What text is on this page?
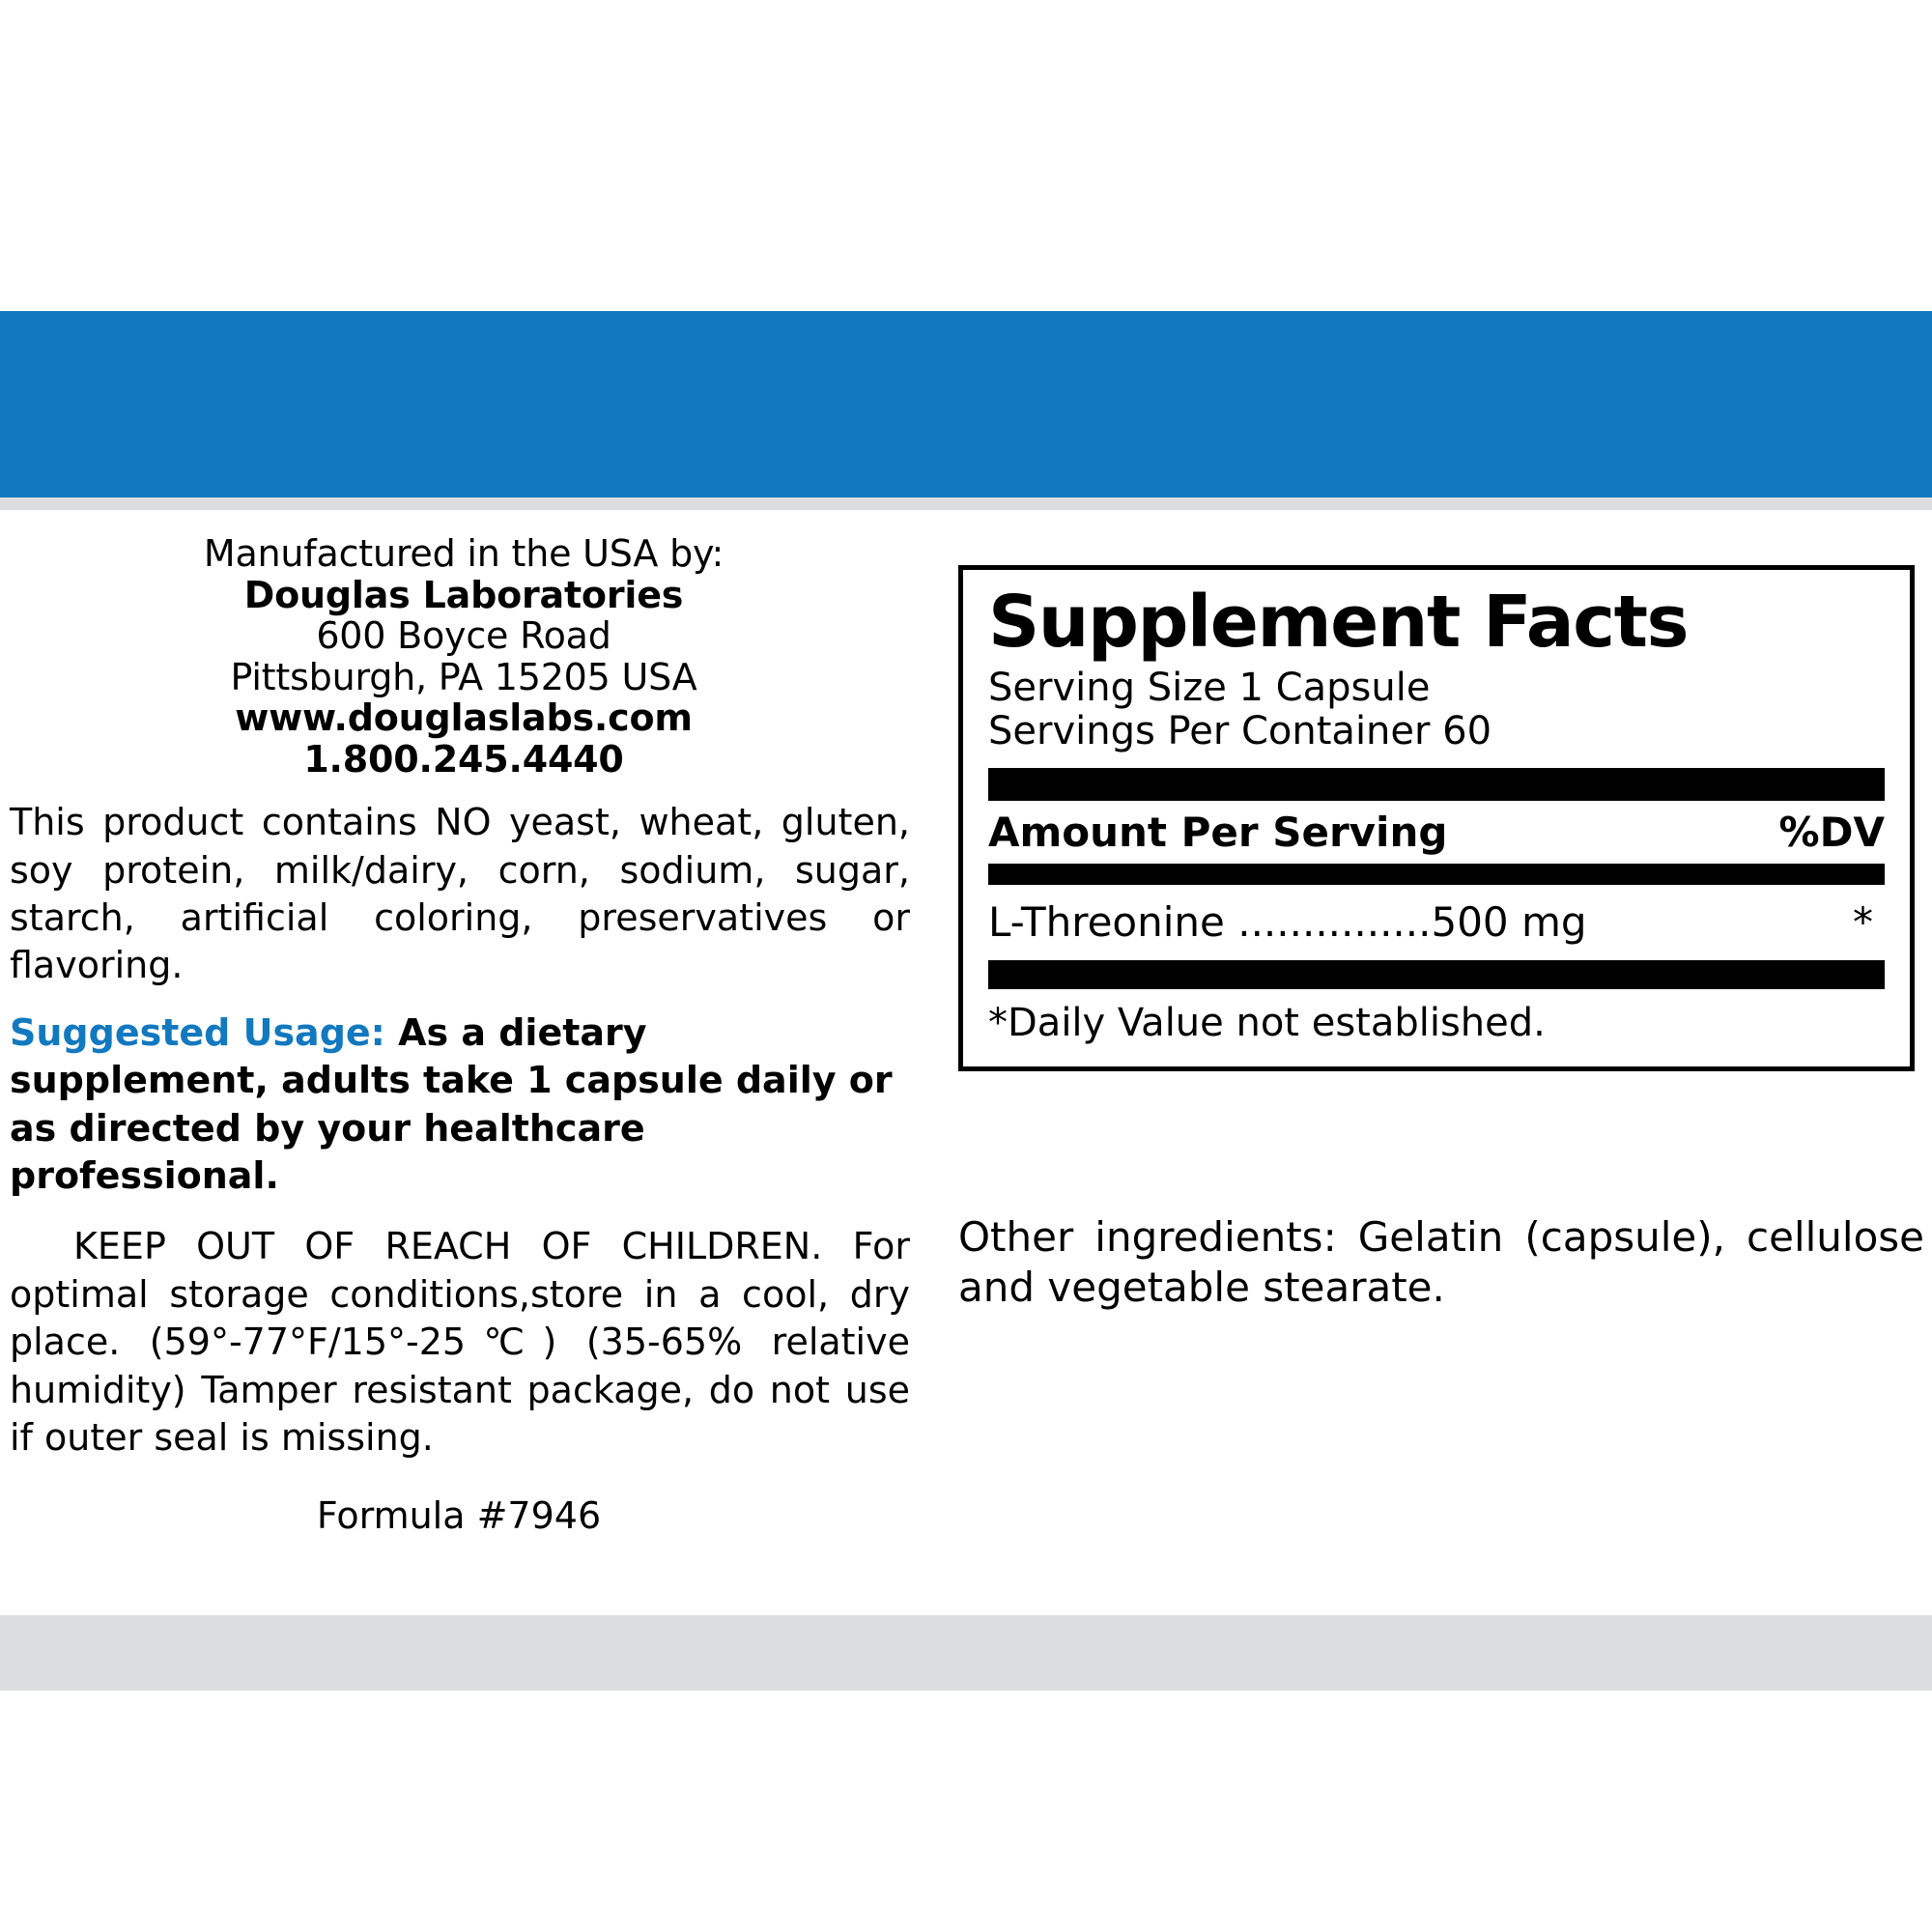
Manufactured in the USA by:
Douglas Laboratories
600 Boyce Road
Pittsburgh, PA 15205 USA
www.douglaslabs.com
1.800.245.4440
This product contains NO yeast, wheat, gluten, soy protein, milk/dairy, corn, sodium, sugar, starch, artificial coloring, preservatives or flavoring.
Suggested Usage: As a dietary supplement, adults take 1 capsule daily or as directed by your healthcare professional.
KEEP OUT OF REACH OF CHILDREN. For optimal storage conditions,store in a cool, dry place. (59°-77°F/15°-25℃) (35-65% relative humidity) Tamper resistant package, do not use if outer seal is missing.
Formula #7946
Supplement Facts
Serving Size 1 Capsule
Servings Per Container 60
Amount Per Serving	%DV
L-Threonine ............... 500 mg	*
*Daily Value not established.
Other ingredients: Gelatin (capsule), cellulose and vegetable stearate.
